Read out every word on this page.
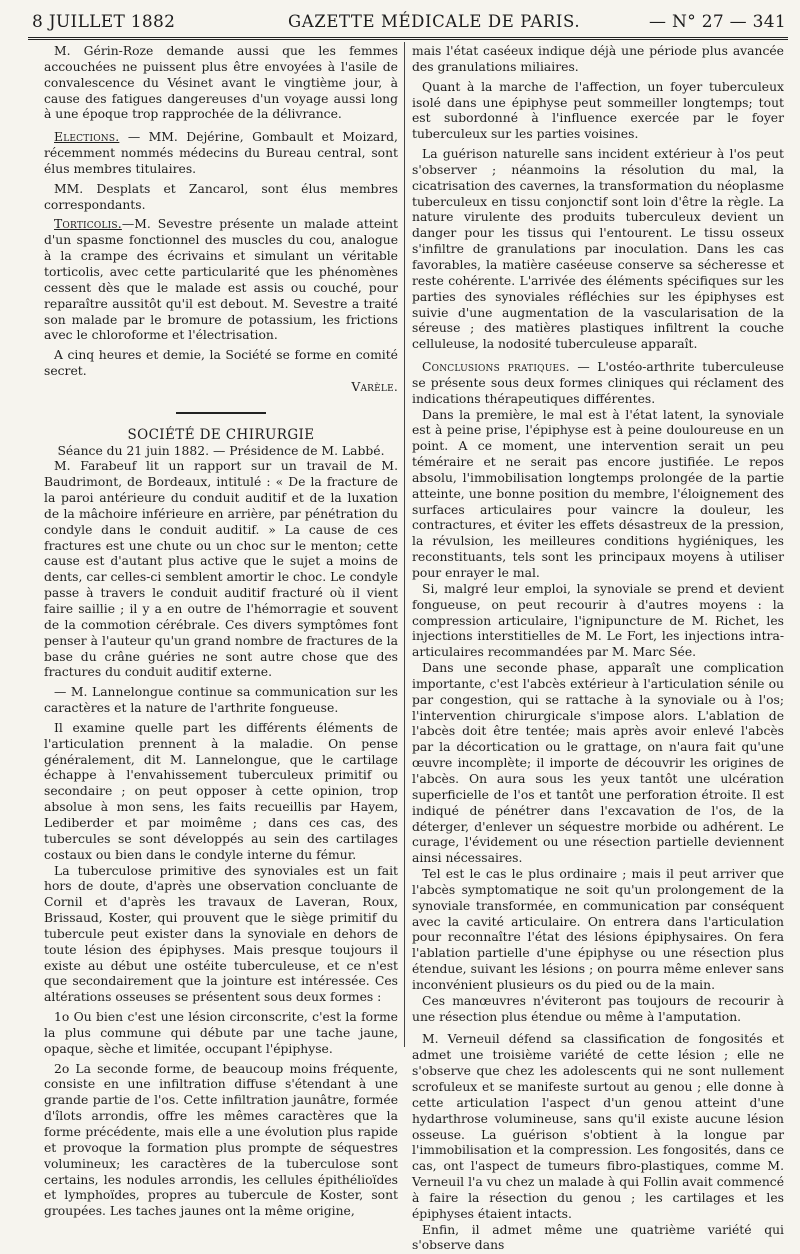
8 JUILLET 1882	GAZETTE MÉDICALE DE PARIS.	— N° 27 — 341

M. Gérin-Roze demande aussi que les femmes accouchées ne puissent plus être envoyées à l'asile de convalescence du Vésinet avant le vingtième jour, à cause des fatigues dangereuses d'un voyage aussi long à une époque trop rapprochée de la délivrance.

Elections. — MM. Dejérine, Gombault et Moizard, récemment nommés médecins du Bureau central, sont élus membres titulaires.

MM. Desplats et Zancarol, sont élus membres correspondants.

Torticolis.—M. Sevestre présente un malade atteint d'un spasme fonctionnel des muscles du cou, analogue à la crampe des écrivains et simulant un véritable torticolis, avec cette particularité que les phénomènes cessent dès que le malade est assis ou couché, pour reparaître aussitôt qu'il est debout. M. Sevestre a traité son malade par le bromure de potassium, les frictions avec le chloroforme et l'électrisation.

A cinq heures et demie, la Société se forme en comité secret.

Varèle.

SOCIÉTÉ DE CHIRURGIE

Séance du 21 juin 1882. — Présidence de M. Labbé.

M. Farabeuf lit un rapport sur un travail de M. Baudrimont, de Bordeaux, intitulé : « De la fracture de la paroi antérieure du conduit auditif et de la luxation de la mâchoire inférieure en arrière, par pénétration du condyle dans le conduit auditif. » La cause de ces fractures est une chute ou un choc sur le menton; cette cause est d'autant plus active que le sujet a moins de dents, car celles-ci semblent amortir le choc. Le condyle passe à travers le conduit auditif fracturé où il vient faire saillie ; il y a en outre de l'hémorragie et souvent de la commotion cérébrale. Ces divers symptômes font penser à l'auteur qu'un grand nombre de fractures de la base du crâne guéries ne sont autre chose que des fractures du conduit auditif externe.

— M. Lannelongue continue sa communication sur les caractères et la nature de l'arthrite fongueuse.

Il examine quelle part les différents éléments de l'articulation prennent à la maladie. On pense généralement, dit M. Lannelongue, que le cartilage échappe à l'envahissement tuberculeux primitif ou secondaire ; on peut opposer à cette opinion, trop absolue à mon sens, les faits recueillis par Hayem, Lediberder et par moimême ; dans ces cas, des tubercules se sont développés au sein des cartilages costaux ou bien dans le condyle interne du fémur.

La tuberculose primitive des synoviales est un fait hors de doute, d'après une observation concluante de Cornil et d'après les travaux de Laveran, Roux, Brissaud, Koster, qui prouvent que le siège primitif du tubercule peut exister dans la synoviale en dehors de toute lésion des épiphyses. Mais presque toujours il existe au début une ostéite tuberculeuse, et ce n'est que secondairement que la jointure est intéressée. Ces altérations osseuses se présentent sous deux formes :

1o Ou bien c'est une lésion circonscrite, c'est la forme la plus commune qui débute par une tache jaune, opaque, sèche et limitée, occupant l'épiphyse.

2o La seconde forme, de beaucoup moins fréquente, consiste en une infiltration diffuse s'étendant à une grande partie de l'os. Cette infiltration jaunâtre, formée d'îlots arrondis, offre les mêmes caractères que la forme précédente, mais elle a une évolution plus rapide et provoque la formation plus prompte de séquestres volumineux; les caractères de la tuberculose sont certains, les nodules arrondis, les cellules épithélioïdes et lymphoïdes, propres au tubercule de Koster, sont groupées. Les taches jaunes ont la même origine,

mais l'état caséeux indique déjà une période plus avancée des granulations miliaires.

Quant à la marche de l'affection, un foyer tuberculeux isolé dans une épiphyse peut sommeiller longtemps; tout est subordonné à l'influence exercée par le foyer tuberculeux sur les parties voisines.

La guérison naturelle sans incident extérieur à l'os peut s'observer ; néanmoins la résolution du mal, la cicatrisation des cavernes, la transformation du néoplasme tuberculeux en tissu conjonctif sont loin d'être la règle. La nature virulente des produits tuberculeux devient un danger pour les tissus qui l'entourent. Le tissu osseux s'infiltre de granulations par inoculation. Dans les cas favorables, la matière caséeuse conserve sa sécheresse et reste cohérente. L'arrivée des éléments spécifiques sur les parties des synoviales réfléchies sur les épiphyses est suivie d'une augmentation de la vascularisation de la séreuse ; des matières plastiques infiltrent la couche celluleuse, la nodosité tuberculeuse apparaît.

Conclusions pratiques. — L'ostéo-arthrite tuberculeuse se présente sous deux formes cliniques qui réclament des indications thérapeutiques différentes.

Dans la première, le mal est à l'état latent, la synoviale est à peine prise, l'épiphyse est à peine douloureuse en un point. A ce moment, une intervention serait un peu téméraire et ne serait pas encore justifiée. Le repos absolu, l'immobilisation longtemps prolongée de la partie atteinte, une bonne position du membre, l'éloignement des surfaces articulaires pour vaincre la douleur, les contractures, et éviter les effets désastreux de la pression, la révulsion, les meilleures conditions hygiéniques, les reconstituants, tels sont les principaux moyens à utiliser pour enrayer le mal.

Si, malgré leur emploi, la synoviale se prend et devient fongueuse, on peut recourir à d'autres moyens : la compression articulaire, l'ignipuncture de M. Richet, les injections interstitielles de M. Le Fort, les injections intra-articulaires recommandées par M. Marc Sée.

Dans une seconde phase, apparaît une complication importante, c'est l'abcès extérieur à l'articulation sénile ou par congestion, qui se rattache à la synoviale ou à l'os; l'intervention chirurgicale s'impose alors. L'ablation de l'abcès doit être tentée; mais après avoir enlevé l'abcès par la décortication ou le grattage, on n'aura fait qu'une œuvre incomplète; il importe de découvrir les origines de l'abcès. On aura sous les yeux tantôt une ulcération superficielle de l'os et tantôt une perforation étroite. Il est indiqué de pénétrer dans l'excavation de l'os, de la déterger, d'enlever un séquestre morbide ou adhérent. Le curage, l'évidement ou une résection partielle deviennent ainsi nécessaires.

Tel est le cas le plus ordinaire ; mais il peut arriver que l'abcès symptomatique ne soit qu'un prolongement de la synoviale transformée, en communication par conséquent avec la cavité articulaire. On entrera dans l'articulation pour reconnaître l'état des lésions épiphysaires. On fera l'ablation partielle d'une épiphyse ou une résection plus étendue, suivant les lésions ; on pourra même enlever sans inconvénient plusieurs os du pied ou de la main.

Ces manœuvres n'éviteront pas toujours de recourir à une résection plus étendue ou même à l'amputation.

M. Verneuil défend sa classification de fongosités et admet une troisième variété de cette lésion ; elle ne s'observe que chez les adolescents qui ne sont nullement scrofuleux et se manifeste surtout au genou ; elle donne à cette articulation l'aspect d'un genou atteint d'une hydarthrose volumineuse, sans qu'il existe aucune lésion osseuse. La guérison s'obtient à la longue par l'immobilisation et la compression. Les fongosités, dans ce cas, ont l'aspect de tumeurs fibro-plastiques, comme M. Verneuil l'a vu chez un malade à qui Follin avait commencé à faire la résection du genou ; les cartilages et les épiphyses étaient intacts.

Enfin, il admet même une quatrième variété qui s'observe dans
